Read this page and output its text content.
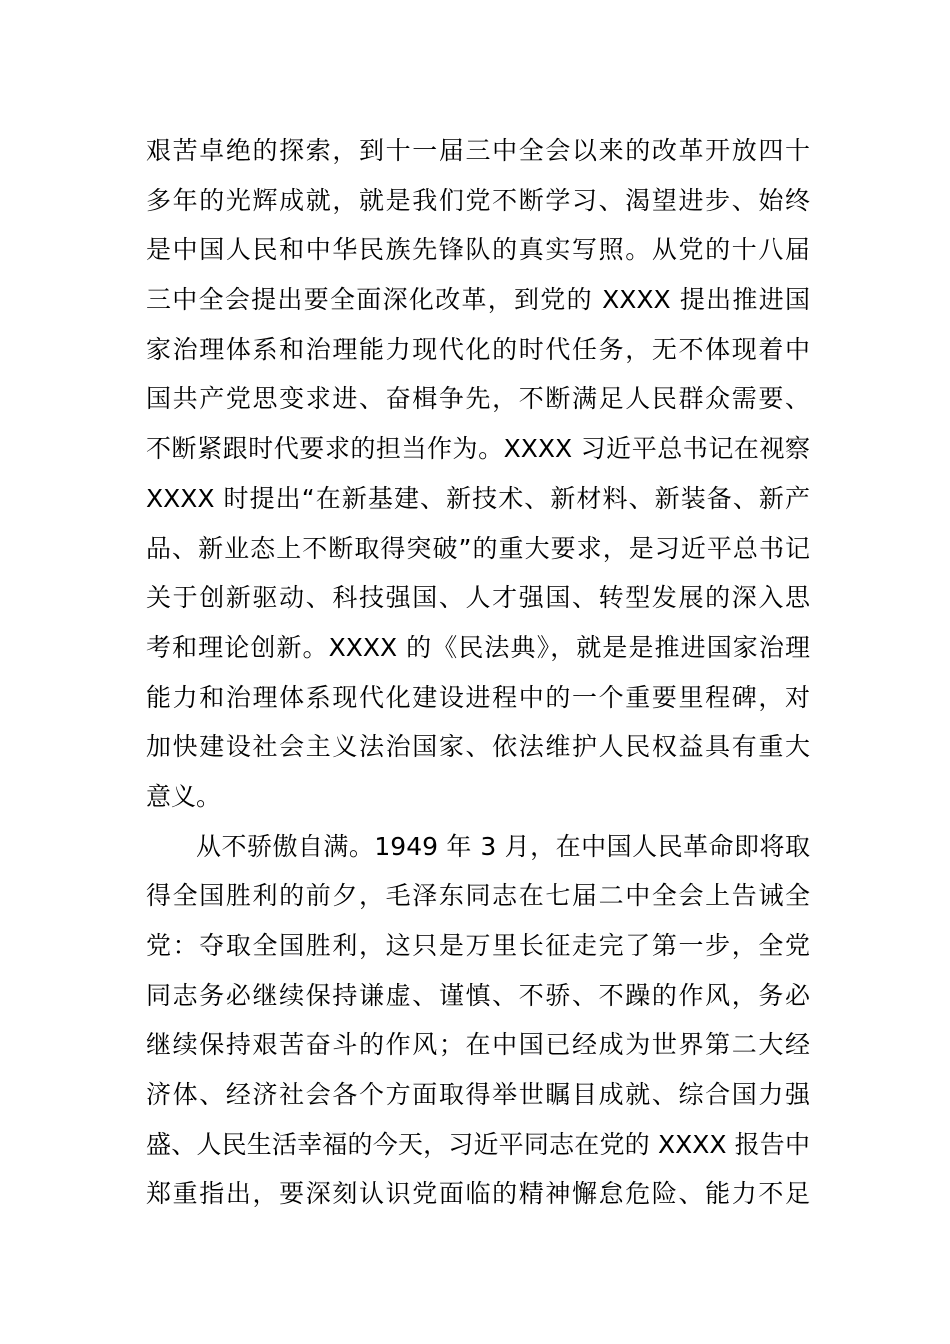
艰苦卓绝的探索，到十一届三中全会以来的改革开放四十
多年的光辉成就，就是我们党不断学习、渴望进步、始终
是中国人民和中华民族先锋队的真实写照。从党的十八届
三中全会提出要全面深化改革，到党的 XXXX 提出推进国
家治理体系和治理能力现代化的时代任务，无不体现着中
国共产党思变求进、奋楫争先，不断满足人民群众需要、
不断紧跟时代要求的担当作为。XXXX 习近平总书记在视察
XXXX 时提出“在新基建、新技术、新材料、新装备、新产
品、新业态上不断取得突破”的重大要求，是习近平总书记
关于创新驱动、科技强国、人才强国、转型发展的深入思
考和理论创新。XXXX 的《民法典》，就是是推进国家治理
能力和治理体系现代化建设进程中的一个重要里程碑，对
加快建设社会主义法治国家、依法维护人民权益具有重大
意义。
从不骄傲自满。1949 年 3 月，在中国人民革命即将取
得全国胜利的前夕，毛泽东同志在七届二中全会上告诫全
党：夺取全国胜利，这只是万里长征走完了第一步，全党
同志务必继续保持谦虚、谨慎、不骄、不躁的作风，务必
继续保持艰苦奋斗的作风；在中国已经成为世界第二大经
济体、经济社会各个方面取得举世瞩目成就、综合国力强
盛、人民生活幸福的今天，习近平同志在党的 XXXX 报告中
郑重指出，要深刻认识党面临的精神懈怠危险、能力不足
